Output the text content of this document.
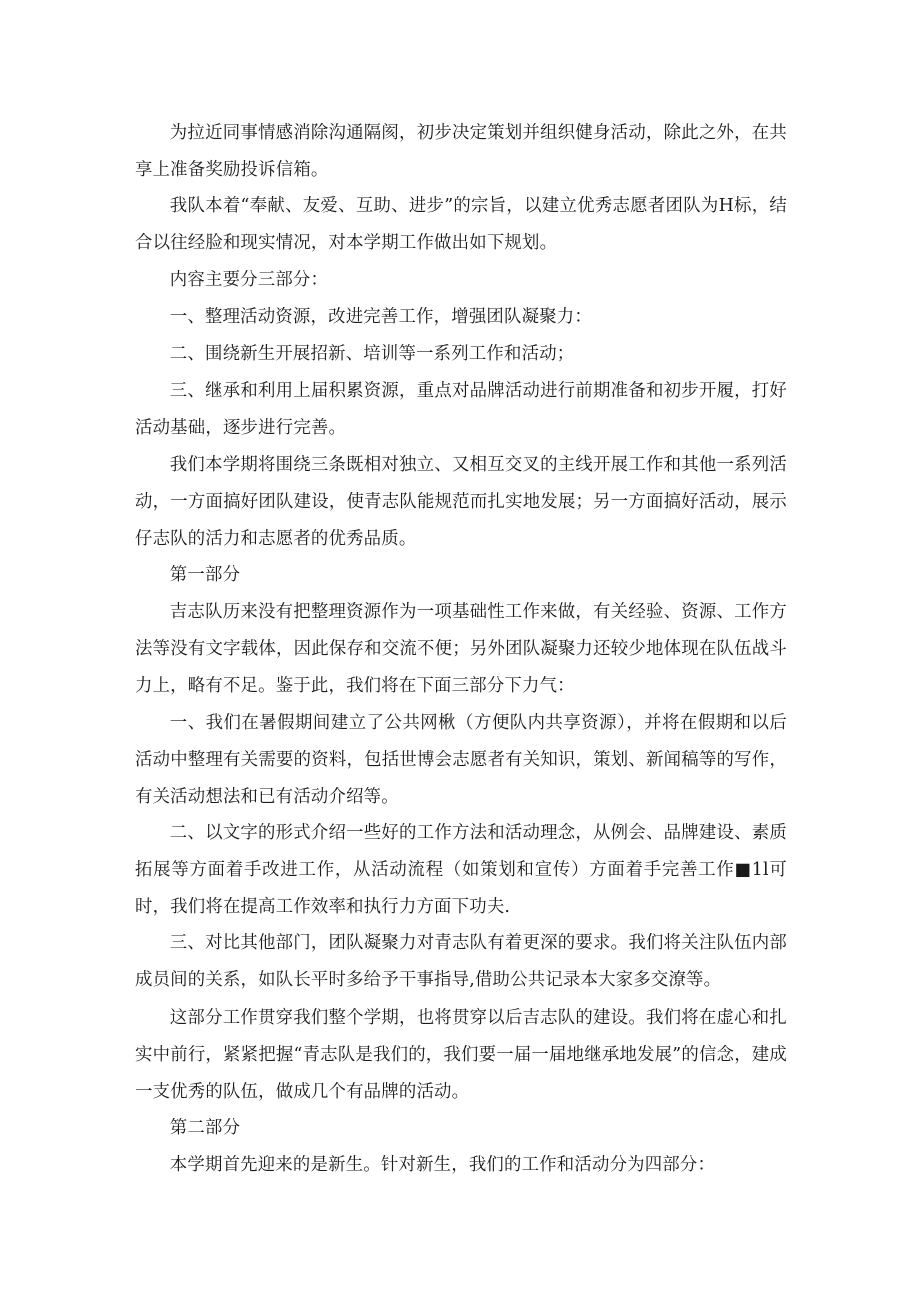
为拉近同事情感消除沟通隔阂，初步决定策划并组织健身活动，除此之外，在共享上准备奖励投诉信箱。

我队本着“奉献、友爱、互助、进步”的宗旨，以建立优秀志愿者团队为H标，结合以往经脸和现实情况，对本学期工作做出如下规划。

内容主要分三部分：

一、整理活动资源，改进完善工作，增强团队凝聚力：

二、围绕新生开展招新、培训等一系列工作和活动；

三、继承和利用上届积累资源，重点对品牌活动进行前期准备和初步开履，打好活动基础，逐步进行完善。

我们本学期将围绕三条既相对独立、又相互交叉的主线开展工作和其他一系列活动，一方面搞好团队建设，使青志队能规范而扎实地发展；另一方面搞好活动，展示仔志队的活力和志愿者的优秀品质。

第一部分

吉志队历来没有把整理资源作为一项基础性工作来做，有关经验、资源、工作方法等没有文字载体，因此保存和交流不便；另外团队凝聚力还较少地体现在队伍战斗力上，略有不足。鉴于此，我们将在下面三部分下力气：

一、我们在暑假期间建立了公共网楸（方便队内共享资源），并将在假期和以后活动中整理有关需要的资料，包括世博会志愿者有关知识，策划、新闻稿等的写作，有关活动想法和已有活动介绍等。

二、以文字的形式介绍一些好的工作方法和活动理念，从例会、品牌建设、素质拓展等方面着手改进工作，从活动流程（如策划和宣传）方面着手完善工作■1l可时，我们将在提高工作效率和执行力方面下功夫.

三、对比其他部门，团队凝聚力对青志队有着更深的要求。我们将关注队伍内部成员间的关系，如队长平时多给予干事指导,借助公共记录本大家多交潦等。

这部分工作贯穿我们整个学期，也将贯穿以后吉志队的建设。我们将在虚心和扎实中前行，紧紧把握“青志队是我们的，我们要一届一届地继承地发展”的信念，建成一支优秀的队伍，做成几个有品牌的活动。

第二部分

本学期首先迎来的是新生。针对新生，我们的工作和活动分为四部分：
